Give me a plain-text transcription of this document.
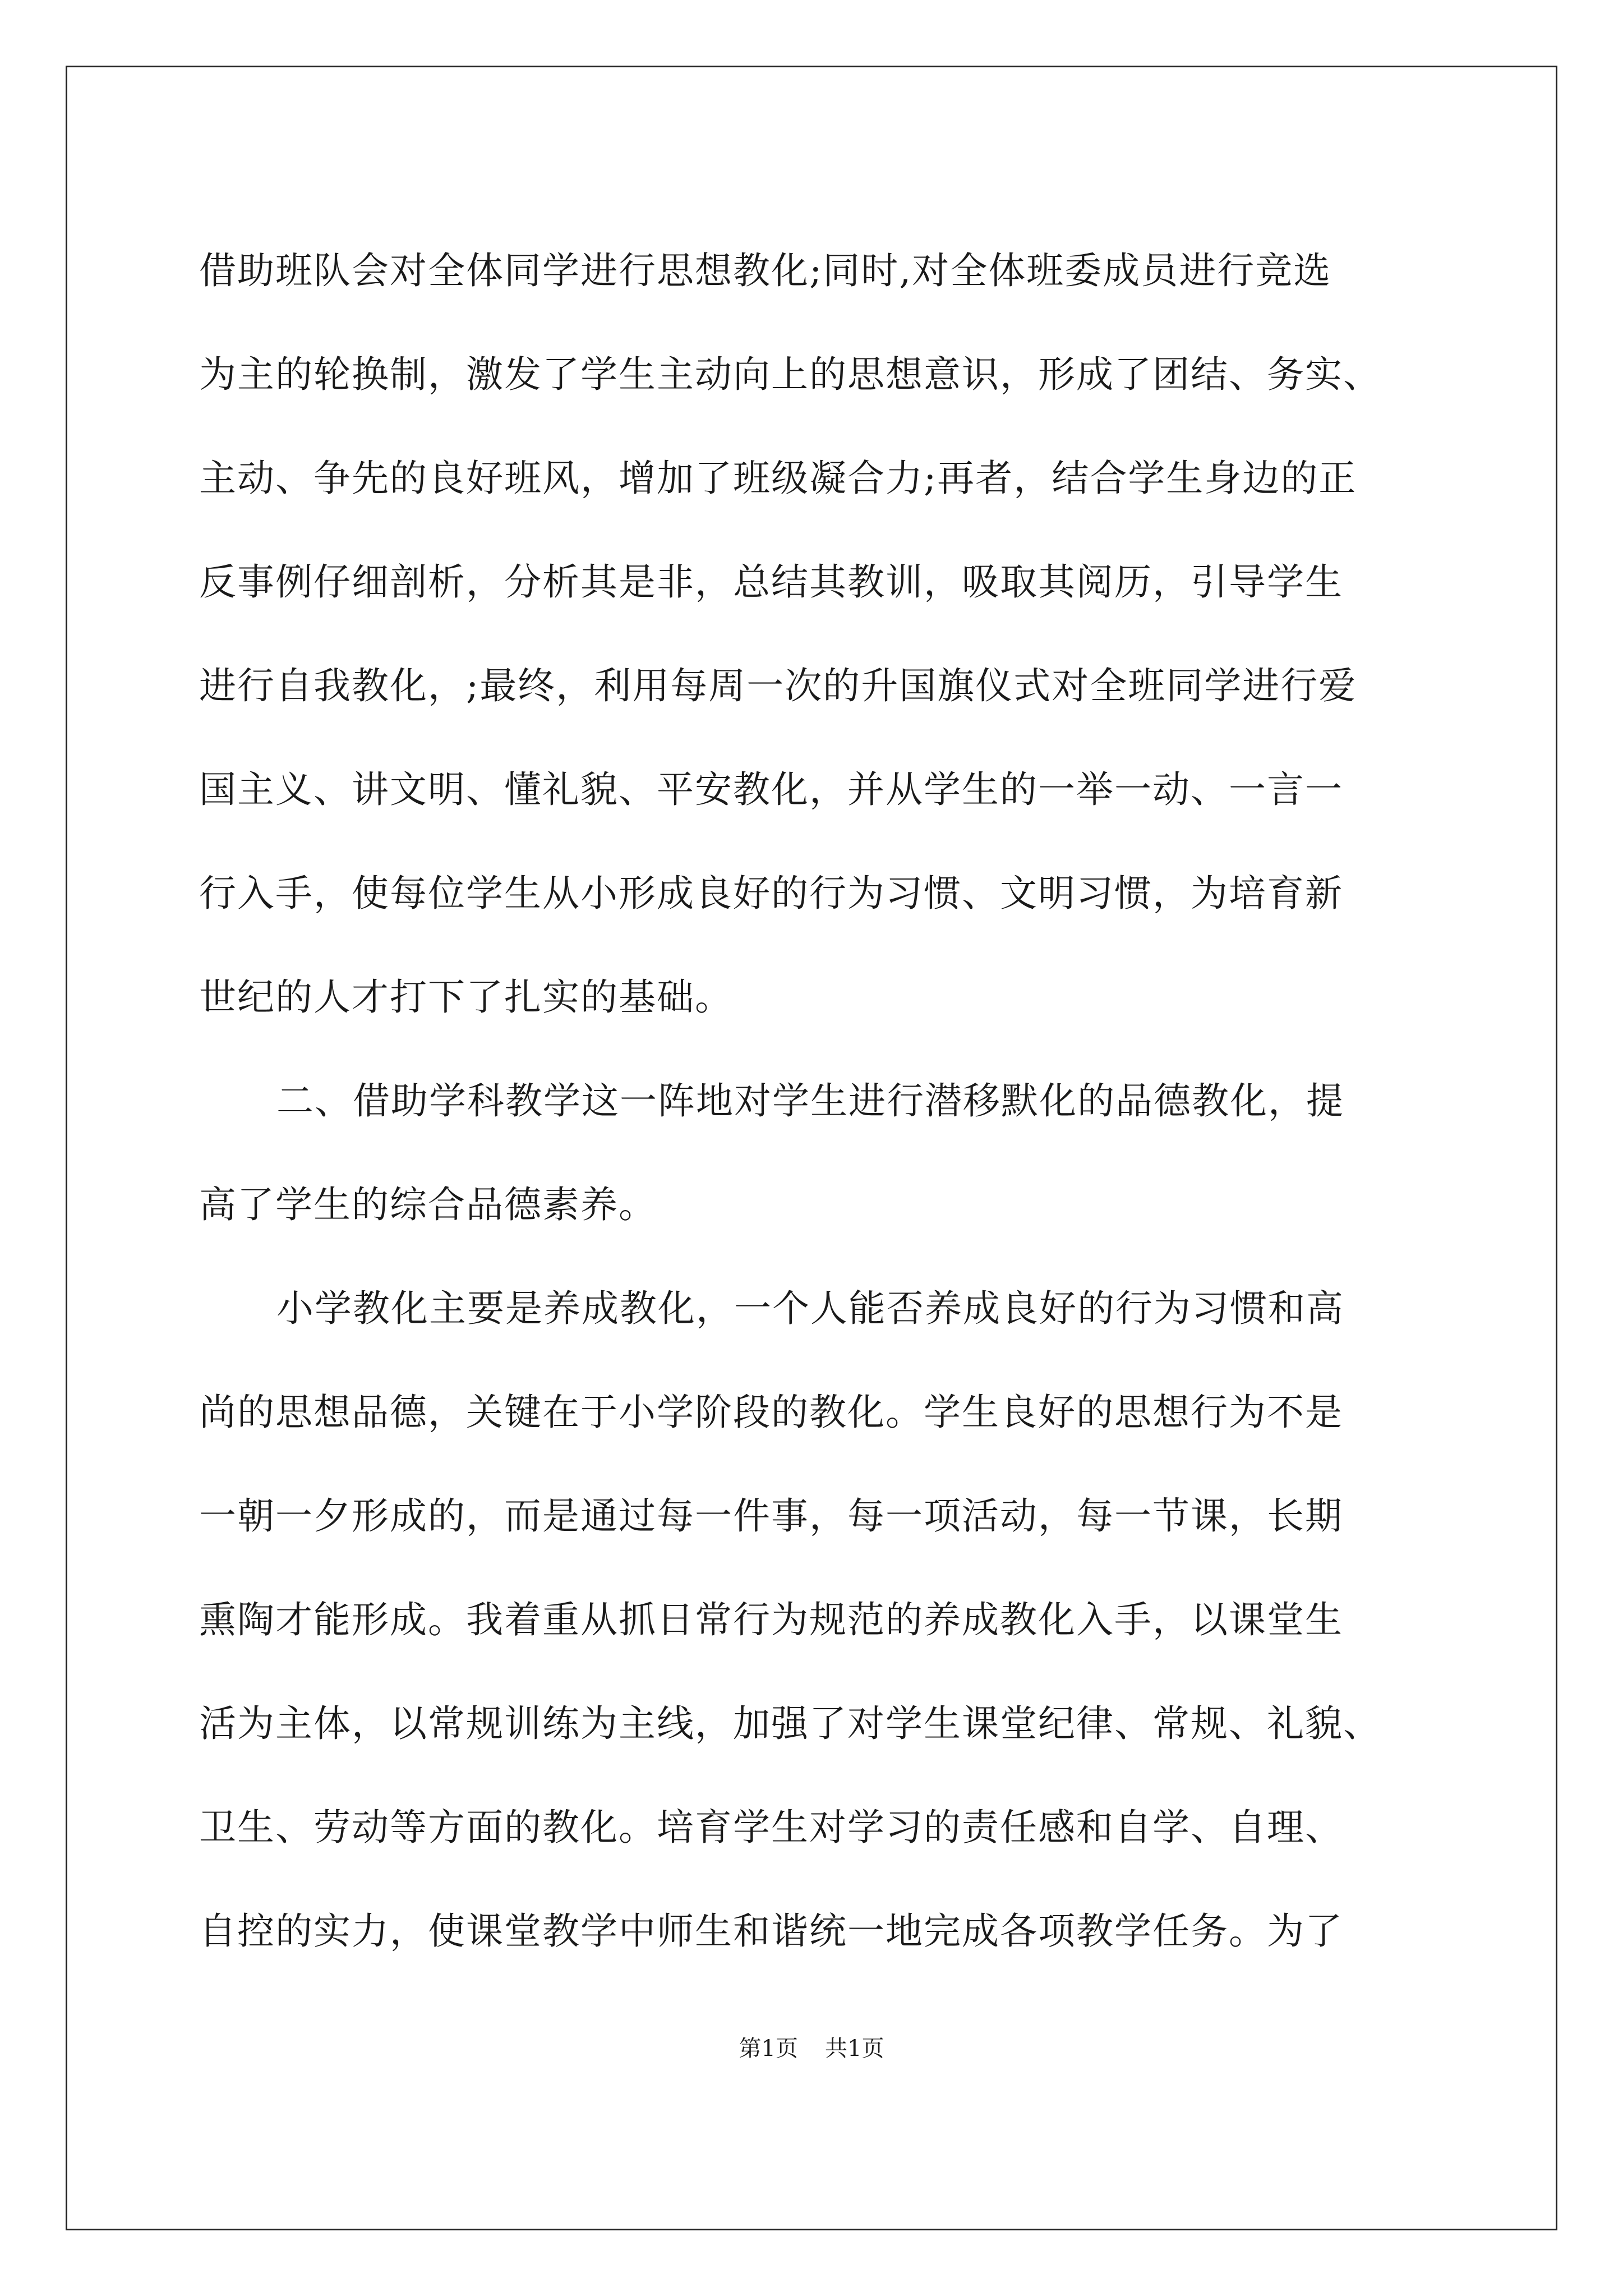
借助班队会对全体同学进行思想教化;同时,对全体班委成员进行竞选
为主的轮换制，激发了学生主动向上的思想意识，形成了团结、务实、
主动、争先的良好班风，增加了班级凝合力;再者，结合学生身边的正
反事例仔细剖析，分析其是非，总结其教训，吸取其阅历，引导学生
进行自我教化，;最终，利用每周一次的升国旗仪式对全班同学进行爱
国主义、讲文明、懂礼貌、平安教化，并从学生的一举一动、一言一
行入手，使每位学生从小形成良好的行为习惯、文明习惯，为培育新
世纪的人才打下了扎实的基础。
二、借助学科教学这一阵地对学生进行潜移默化的品德教化，提
高了学生的综合品德素养。
小学教化主要是养成教化，一个人能否养成良好的行为习惯和高
尚的思想品德，关键在于小学阶段的教化。学生良好的思想行为不是
一朝一夕形成的，而是通过每一件事，每一项活动，每一节课，长期
熏陶才能形成。我着重从抓日常行为规范的养成教化入手，以课堂生
活为主体，以常规训练为主线，加强了对学生课堂纪律、常规、礼貌、
卫生、劳动等方面的教化。培育学生对学习的责任感和自学、自理、
自控的实力，使课堂教学中师生和谐统一地完成各项教学任务。为了
第1页 共1页
